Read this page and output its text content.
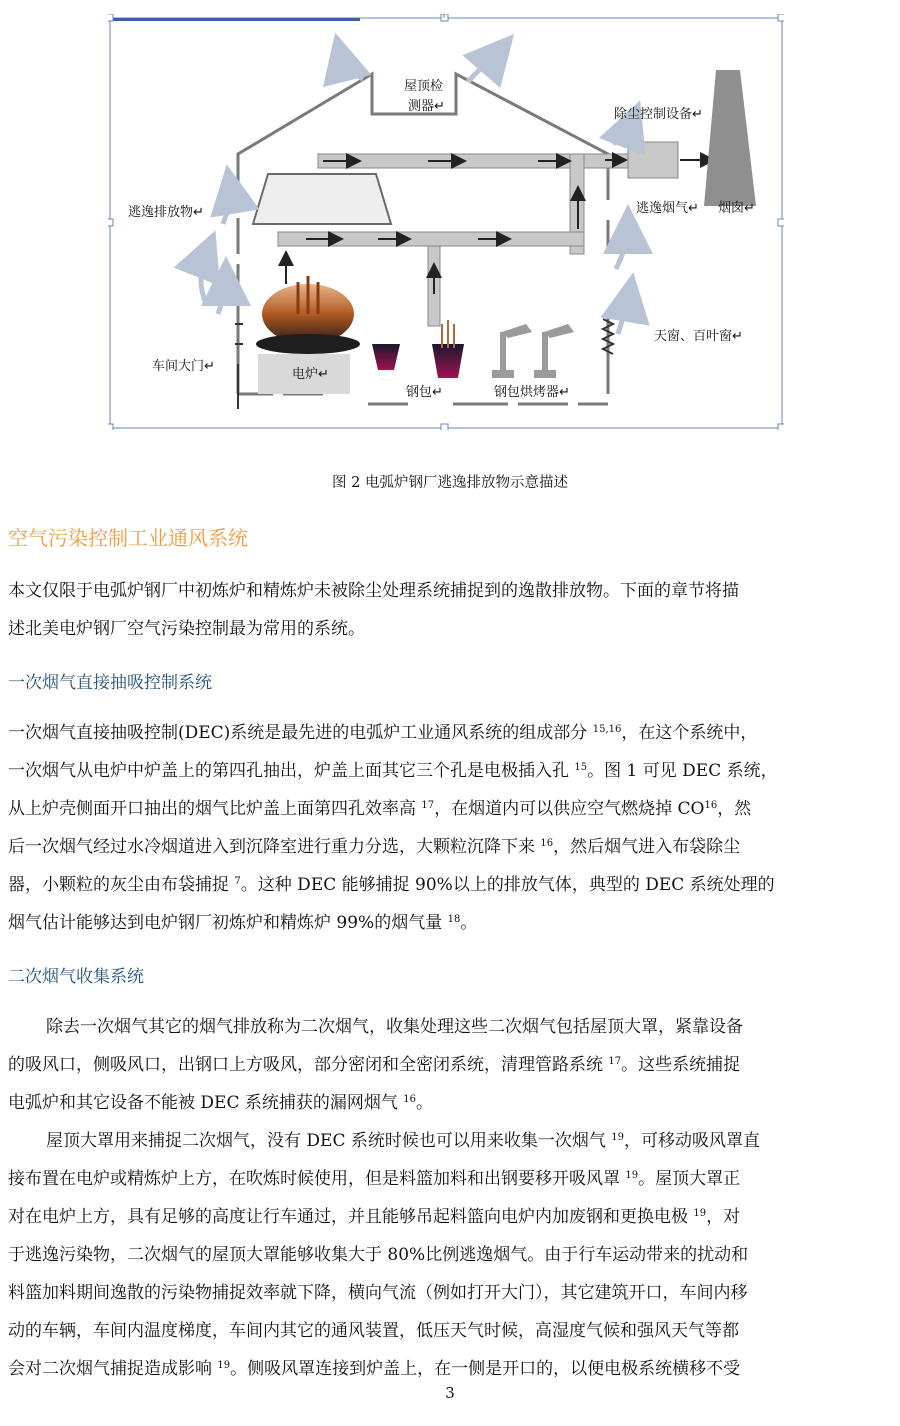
屋顶检
测器↵
除尘控制设备↵
逃逸排放物↵	逃逸烟气↵ 烟囱↵
天窗、百叶窗↵
车间大门↵
电炉↵
钢包↵	钢包烘烤器↵
图 2 电弧炉钢厂逃逸排放物示意描述
空气污染控制工业通风系统
本文仅限于电弧炉钢厂中初炼炉和精炼炉未被除尘处理系统捕捉到的逸散排放物。下面的章节将描
述北美电炉钢厂空气污染控制最为常用的系统。
一次烟气直接抽吸控制系统
一次烟气直接抽吸控制(DEC)系统是最先进的电弧炉工业通风系统的组成部分 $^{15,16}$，在这个系统中，
一次烟气从电炉中炉盖上的第四孔抽出，炉盖上面其它三个孔是电极插入孔 $^{15}$。图 1 可见 DEC 系统，
从上炉壳侧面开口抽出的烟气比炉盖上面第四孔效率高 $^{17}$，在烟道内可以供应空气燃烧掉 CO$^{16}$，然
后一次烟气经过水冷烟道进入到沉降室进行重力分选，大颗粒沉降下来 $^{16}$，然后烟气进入布袋除尘
器，小颗粒的灰尘由布袋捕捉 $^7$。这种 DEC 能够捕捉 90%以上的排放气体，典型的 DEC 系统处理的
烟气估计能够达到电炉钢厂初炼炉和精炼炉 99%的烟气量 $^{18}$。
二次烟气收集系统
除去一次烟气其它的烟气排放称为二次烟气，收集处理这些二次烟气包括屋顶大罩，紧靠设备
的吸风口，侧吸风口，出钢口上方吸风，部分密闭和全密闭系统，清理管路系统 $^{17}$。这些系统捕捉
电弧炉和其它设备不能被 DEC 系统捕获的漏网烟气 $^{16}$。
屋顶大罩用来捕捉二次烟气，没有 DEC 系统时候也可以用来收集一次烟气 $^{19}$，可移动吸风罩直
接布置在电炉或精炼炉上方，在吹炼时候使用，但是料篮加料和出钢要移开吸风罩 $^{19}$。屋顶大罩正
对在电炉上方，具有足够的高度让行车通过，并且能够吊起料篮向电炉内加废钢和更换电极 $^{19}$，对
于逃逸污染物，二次烟气的屋顶大罩能够收集大于 80%比例逃逸烟气。由于行车运动带来的扰动和
料篮加料期间逸散的污染物捕捉效率就下降，横向气流（例如打开大门），其它建筑开口，车间内移
动的车辆，车间内温度梯度，车间内其它的通风装置，低压天气时候，高湿度气候和强风天气等都
会对二次烟气捕捉造成影响 $^{19}$。侧吸风罩连接到炉盖上，在一侧是开口的，以便电极系统横移不受
3
